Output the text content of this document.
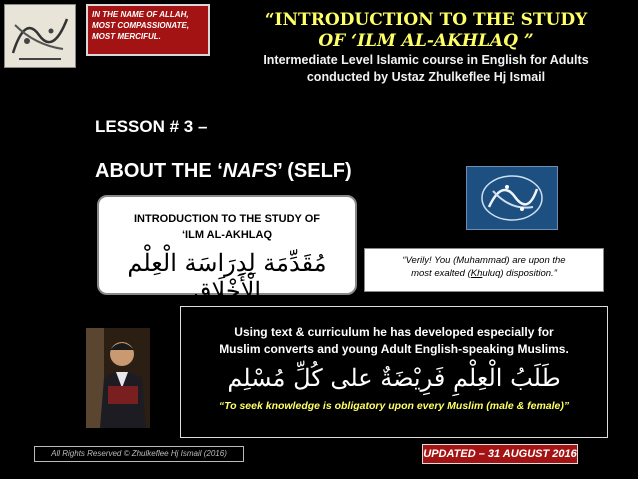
IN THE NAME OF ALLAH, MOST COMPASSIONATE, MOST MERCIFUL.
“INTRODUCTION TO THE STUDY
OF ‘ILM AL-AKHLAQ ”
Intermediate Level Islamic course in English for Adults
conducted by Ustaz Zhulkeflee Hj Ismail
LESSON # 3 –
ABOUT THE ‘NAFS’ (SELF)
INTRODUCTION TO THE STUDY OF
‘ILM AL-AKHLAQ
مُقَدِّمَة لِدِرَاسَة الْعِلْم الْأَخْلَاق
“Verily! You (Muhammad) are upon the
most exalted (Khuluq) disposition.”
Using text & curriculum he has developed especially for
Muslim converts and young Adult English-speaking Muslims.
طَلَبُ الْعِلْمِ فَرِيْضَةٌ على كُلِّ مُسْلِم
“To seek knowledge is obligatory upon every Muslim (male & female)”
All Rights Reserved © Zhulkeflee Hj Ismail (2016)	UPDATED – 31 AUGUST 2016
